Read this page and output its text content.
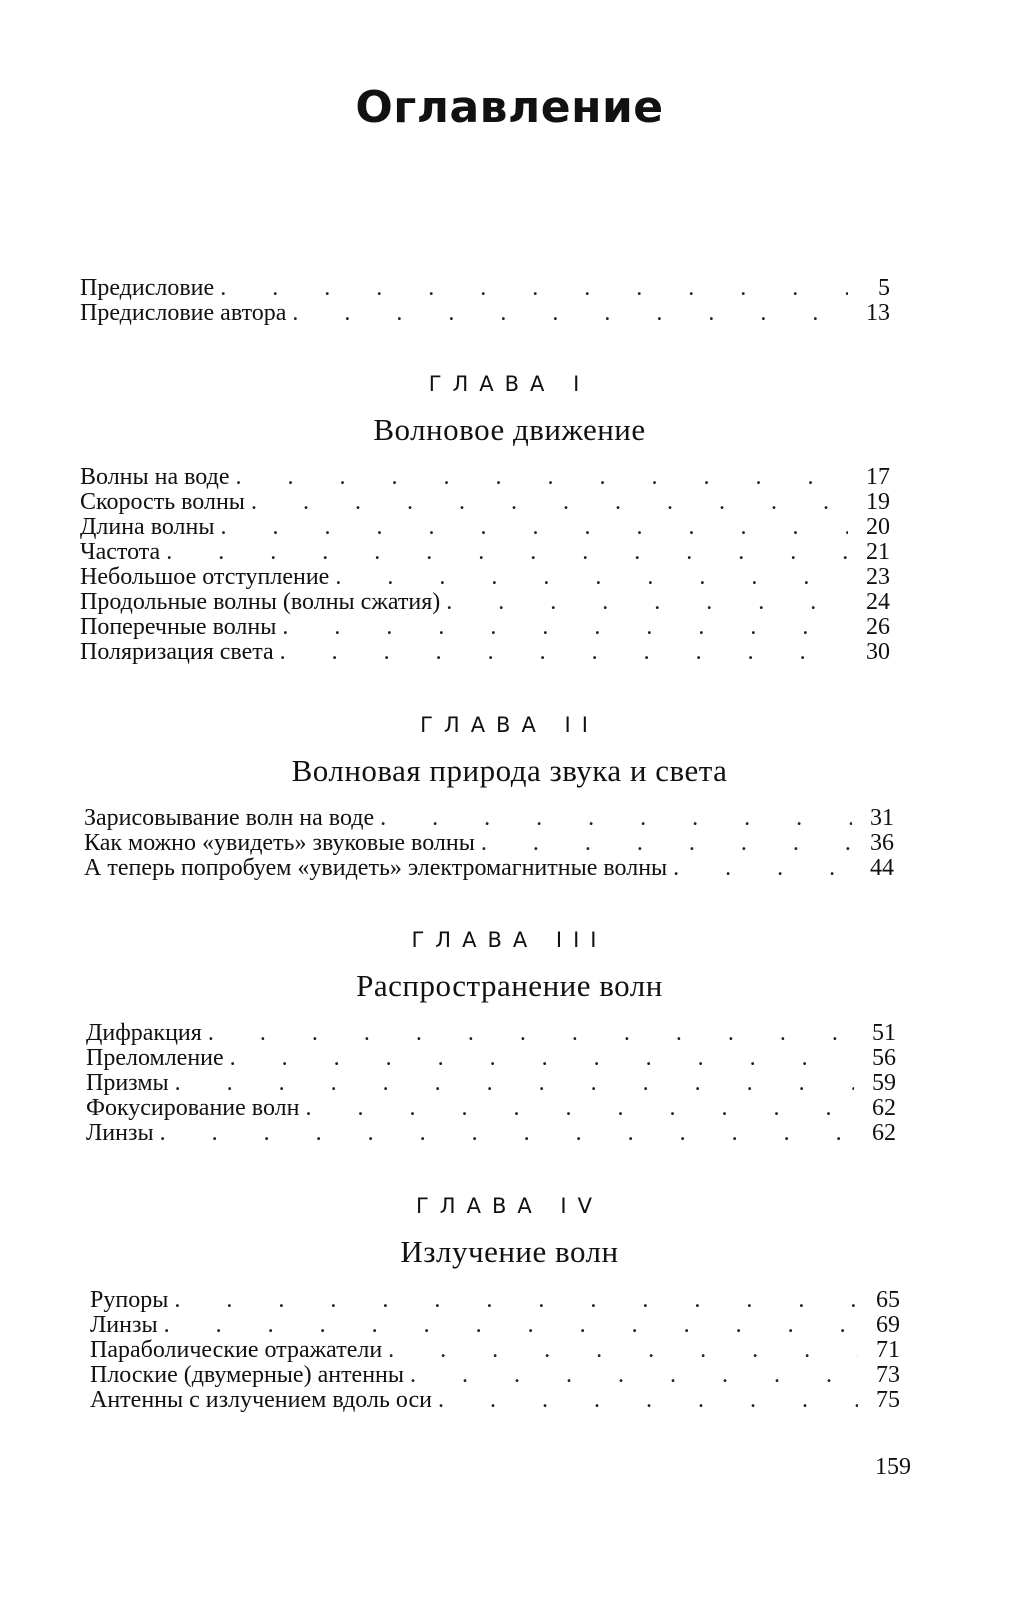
Оглавление
Предисловие . . .	5
Предисловие автора . . .	13
ГЛАВА I
Волновое движение
Волны на воде . . .	17
Скорость волны . . .	19
Длина волны . . .	20
Частота . . .	21
Небольшое отступление . . .	23
Продольные волны (волны сжатия) . . .	24
Поперечные волны . . .	26
Поляризация света . . .	30
ГЛАВА II
Волновая природа звука и света
Зарисовывание волн на воде . . .	31
Как можно «увидеть» звуковые волны . . .	36
А теперь попробуем «увидеть» электромагнитные волны . . .	44
ГЛАВА III
Распространение волн
Дифракция . . .	51
Преломление . . .	56
Призмы . . .	59
Фокусирование волн . . .	62
Линзы . . .	62
ГЛАВА IV
Излучение волн
Рупоры . . .	65
Линзы . . .	69
Параболические отражатели . . .	71
Плоские (двумерные) антенны . . .	73
Антенны с излучением вдоль оси . . .	75
159
